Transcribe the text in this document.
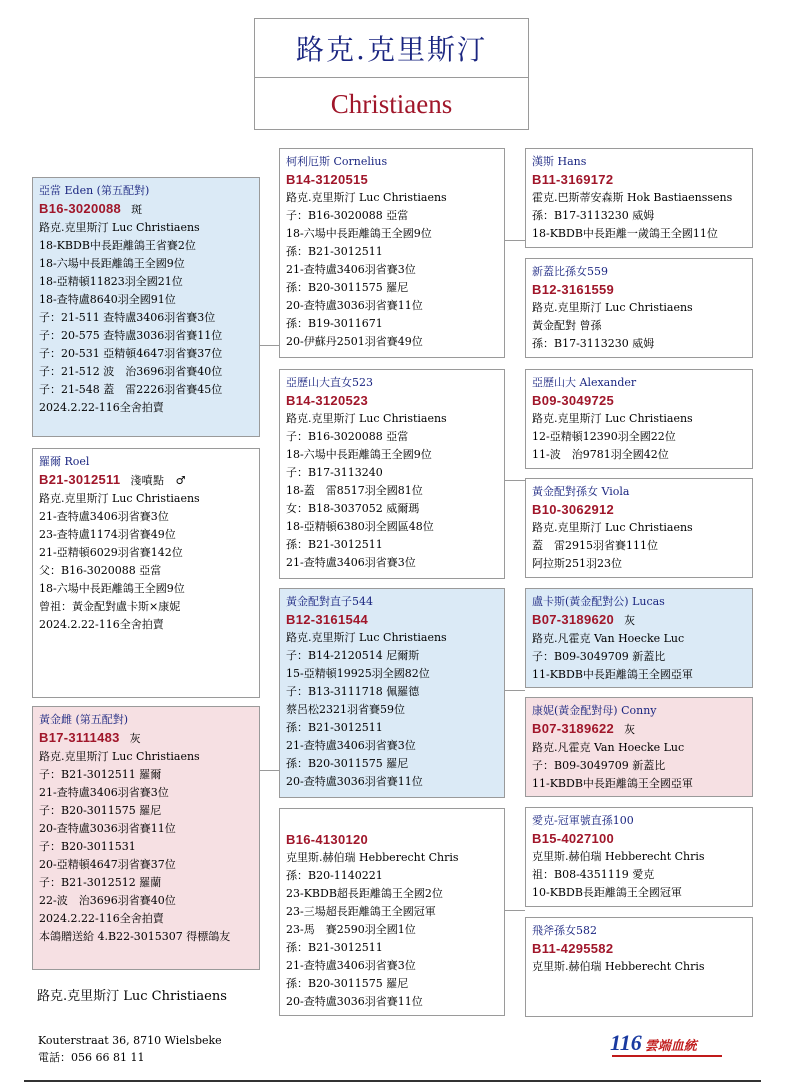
路克.克里斯汀
Christiaens
亞當 Eden (第五配對)
B16-3020088 斑
路克.克里斯汀 Luc Christiaens
18-KBDB中長距離鴿王省賽2位
18-六場中長距離鴿王全國9位
18-亞精頓11823羽全國21位
18-查特盧8640羽全國91位
子：21-511 查特盧3406羽省賽3位
子：20-575 查特盧3036羽省賽11位
子：20-531 亞精頓4647羽省賽37位
子：21-512 波　治3696羽省賽40位
子：21-548 蓋　雷2226羽省賽45位
2024.2.22-116全舍拍賣
羅爾 Roel
B21-3012511 淺噴點　♂
路克.克里斯汀 Luc Christiaens
21-查特盧3406羽省賽3位
23-查特盧1174羽省賽49位
21-亞精頓6029羽省賽142位
父：B16-3020088 亞當
18-六場中長距離鴿王全國9位
曾祖：黃金配對盧卡斯×康妮
2024.2.22-116全舍拍賣
黃金雌 (第五配對)
B17-3111483 灰
路克.克里斯汀 Luc Christiaens
子：B21-3012511 羅爾
21-查特盧3406羽省賽3位
子：B20-3011575 羅尼
20-查特盧3036羽省賽11位
子：B20-3011531
20-亞精頓4647羽省賽37位
子：B21-3012512 羅蘭
22-波　治3696羽省賽40位
2024.2.22-116全舍拍賣
本鴿贈送給 4.B22-3015307 得標鴿友
柯利厄斯 Cornelius
B14-3120515
路克.克里斯汀 Luc Christiaens
子：B16-3020088 亞當
18-六場中長距離鴿王全國9位
孫：B21-3012511
21-查特盧3406羽省賽3位
孫：B20-3011575 羅尼
20-查特盧3036羽省賽11位
孫：B19-3011671
20-伊蘇丹2501羽省賽49位
亞歷山大直女523
B14-3120523
路克.克里斯汀 Luc Christiaens
子：B16-3020088 亞當
18-六場中長距離鴿王全國9位
子：B17-3113240
18-蓋　雷8517羽全國81位
女：B18-3037052 威爾瑪
18-亞精頓6380羽全國區48位
孫：B21-3012511
21-查特盧3406羽省賽3位
黃金配對直子544
B12-3161544
路克.克里斯汀 Luc Christiaens
子：B14-2120514 尼爾斯
15-亞精頓19925羽全國82位
子：B13-3111718 佩羅德
蔡呂松2321羽省賽59位
孫：B21-3012511
21-查特盧3406羽省賽3位
孫：B20-3011575 羅尼
20-查特盧3036羽省賽11位
B16-4130120
克里斯.赫伯瑞 Hebberecht Chris
孫：B20-1140221
23-KBDB超長距離鴿王全國2位
23-三場超長距離鴿王全國冠軍
23-馬　賽2590羽全國1位
孫：B21-3012511
21-查特盧3406羽省賽3位
孫：B20-3011575 羅尼
20-查特盧3036羽省賽11位
漢斯 Hans
B11-3169172
霍克.巴斯蒂安森斯 Hok Bastiaenssens
孫：B17-3113230 威姆
18-KBDB中長距離一歲鴿王全國11位
新蓋比孫女559
B12-3161559
路克.克里斯汀 Luc Christiaens
黃金配對 曾孫
孫：B17-3113230 威姆
亞歷山大 Alexander
B09-3049725
路克.克里斯汀 Luc Christiaens
12-亞精頓12390羽全國22位
11-波　治9781羽全國42位
黃金配對孫女 Viola
B10-3062912
路克.克里斯汀 Luc Christiaens
蓋　雷2915羽省賽111位
阿拉斯251羽23位
盧卡斯(黃金配對公) Lucas
B07-3189620 灰
路克.凡霍克 Van Hoecke Luc
子：B09-3049709 新蓋比
11-KBDB中長距離鴿王全國亞軍
康妮(黃金配對母) Conny
B07-3189622 灰
路克.凡霍克 Van Hoecke Luc
子：B09-3049709 新蓋比
11-KBDB中長距離鴿王全國亞軍
愛克-冠軍號直孫100
B15-4027100
克里斯.赫伯瑞 Hebberecht Chris
祖：B08-4351119 愛克
10-KBDB長距離鴿王全國冠軍
飛斧孫女582
B11-4295582
克里斯.赫伯瑞 Hebberecht Chris
路克.克里斯汀 Luc Christiaens
Kouterstraat 36, 8710 Wielsbeke
電話：056 66 81 11
116 雲端血統
